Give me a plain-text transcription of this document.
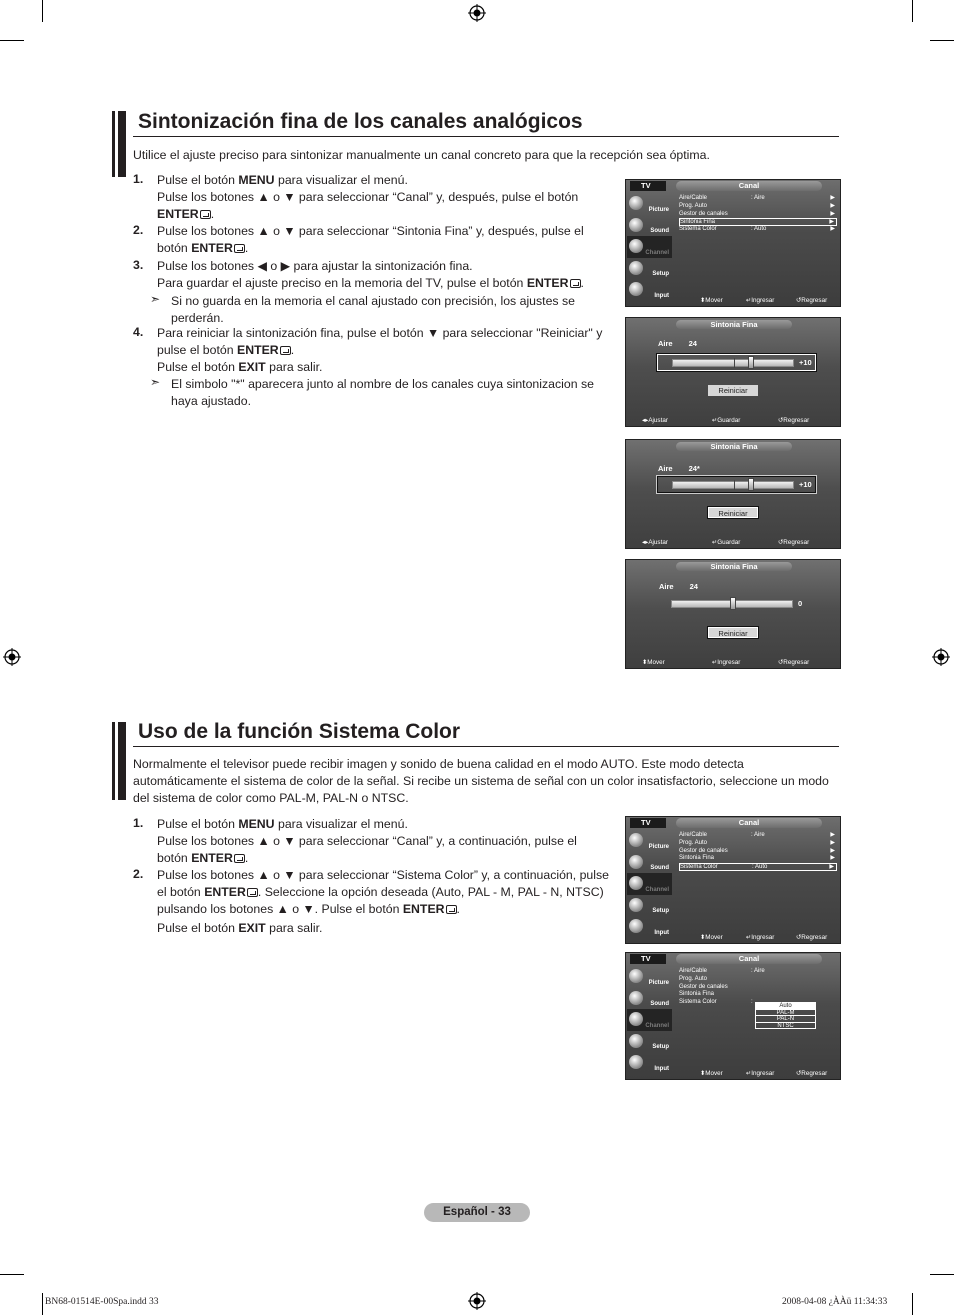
Sintonización fina de los canales analógicos

Utilice el ajuste preciso para sintonizar manualmente un canal concreto para que la recepción sea óptima.

1. Pulse el botón MENU para visualizar el menú.
Pulse los botones ▲ o ▼ para seleccionar “Canal” y, después, pulse el botón
ENTER .
2. Pulse los botones ▲ o ▼ para seleccionar “Sintonia Fina” y, después, pulse el
botón ENTER .
3. Pulse los botones ◀ o ▶ para ajustar la sintonización fina.
Para guardar el ajuste preciso en la memoria del TV, pulse el botón ENTER .
➣ Si no guarda en la memoria el canal ajustado con precisión, los ajustes se
perderán.
4. Para reiniciar la sintonización fina, pulse el botón ▼ para seleccionar "Reiniciar" y
pulse el botón ENTER .
Pulse el botón EXIT para salir.
➣ El simbolo "*" aparecera junto al nombre de los canales cuya sintonizacion se
haya ajustado.
TV	Canal
Picture
Sound
Channel
Setup
Input
Aire/Cable	: Aire	▶
Prog. Auto	▶
Gestor de canales	▶
Sintonia Fina	▶
Sistema Color	: Auto	▶
⬍ Mover	↵ Ingresar	↺ Regresar
Sintonia Fina
Aire 24
+10
Reiniciar
◂▸ Ajustar	↵ Guardar	↺ Regresar
Sintonia Fina
Aire 24*
+10
Reiniciar
◂▸ Ajustar	↵ Guardar	↺ Regresar
Sintonia Fina
Aire 24
0
Reiniciar
⬍ Mover	↵ Ingresar	↺ Regresar
Uso de la función Sistema Color
Normalmente el televisor puede recibir imagen y sonido de buena calidad en el modo AUTO. Este modo detecta
automáticamente el sistema de color de la señal. Si recibe un sistema de señal con un color insatisfactorio, seleccione un modo
del sistema de color como PAL-M, PAL-N o NTSC.
1. Pulse el botón MENU para visualizar el menú.
Pulse los botones ▲ o ▼ para seleccionar “Canal” y, a continuación, pulse el
botón ENTER .
2. Pulse los botones ▲ o ▼ para seleccionar “Sistema Color” y, a continuación, pulse
el botón ENTER . Seleccione la opción deseada (Auto, PAL - M, PAL - N, NTSC)
pulsando los botones ▲ o ▼. Pulse el botón ENTER .
Pulse el botón EXIT para salir.
TV	Canal
Picture
Sound
Channel
Setup
Input
Aire/Cable	: Aire	▶
Prog. Auto	▶
Gestor de canales	▶
Sintonia Fina	▶
Sistema Color	: Auto	▶
⬍ Mover	↵ Ingresar	↺ Regresar
TV	Canal
Picture
Sound
Channel
Setup
Input
Aire/Cable	: Aire
Prog. Auto
Gestor de canales
Sintonia Fina
Sistema Color	:
Auto
PAL-M
PAL-N
NTSC
⬍ Mover	↵ Ingresar	↺ Regresar
Español - 33
BN68-01514E-00Spa.indd 33	2008-04-08 ¿ÀÀü 11:34:33
